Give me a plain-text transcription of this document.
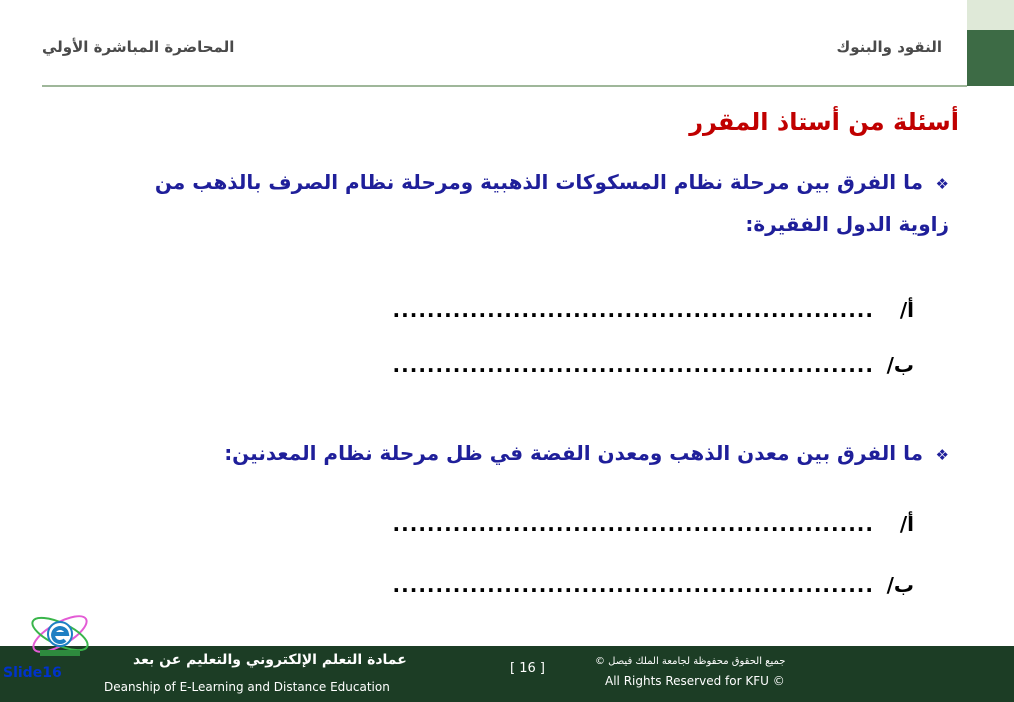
النقود والبنوك
المحاضرة المباشرة الأولي
أسئلة من أستاذ المقرر
❖ما الفرق بين مرحلة نظام المسكوكات الذهبية ومرحلة نظام الصرف بالذهب من زاوية الدول الفقيرة:
أ/........................................................
ب/........................................................
❖ما الفرق بين معدن الذهب ومعدن الفضة في ظل مرحلة نظام المعدنين:
أ/........................................................
ب/........................................................
عمادة التعلم الإلكتروني والتعليم عن بعد
Deanship of E-Learning and Distance Education
[ 16 ]	جميع الحقوق محفوظة لجامعة الملك فيصل ©
All Rights Reserved for KFU ©
Slide16
